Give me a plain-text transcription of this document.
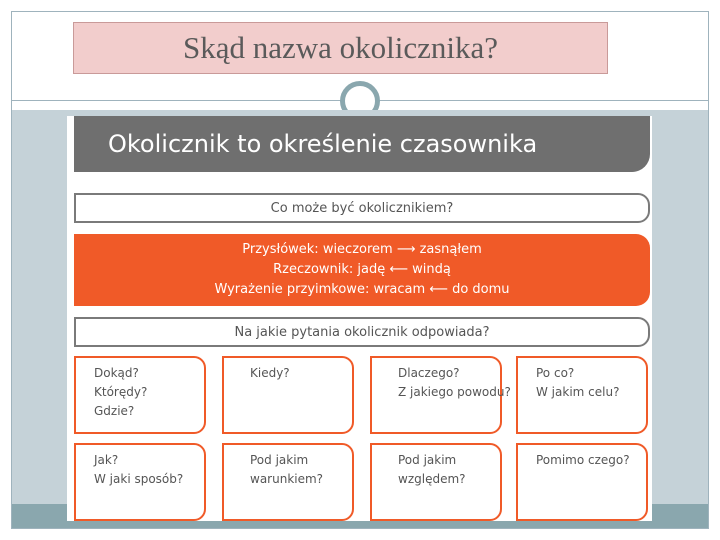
Skąd nazwa okolicznika?
Okolicznik to określenie czasownika
Co może być okolicznikiem?
Przysłówek: wieczorem ⟶ zasnąłem
Rzeczownik: jadę ⟵ windą
Wyrażenie przyimkowe: wracam ⟵ do domu
Na jakie pytania okolicznik odpowiada?
Dokąd?
Którędy?
Gdzie?
Kiedy?	Dlaczego?
Z jakiego powodu?
Po co?
W jakim celu?
Jak?
W jaki sposób?
Pod jakim
warunkiem?
Pod jakim
względem?
Pomimo czego?
